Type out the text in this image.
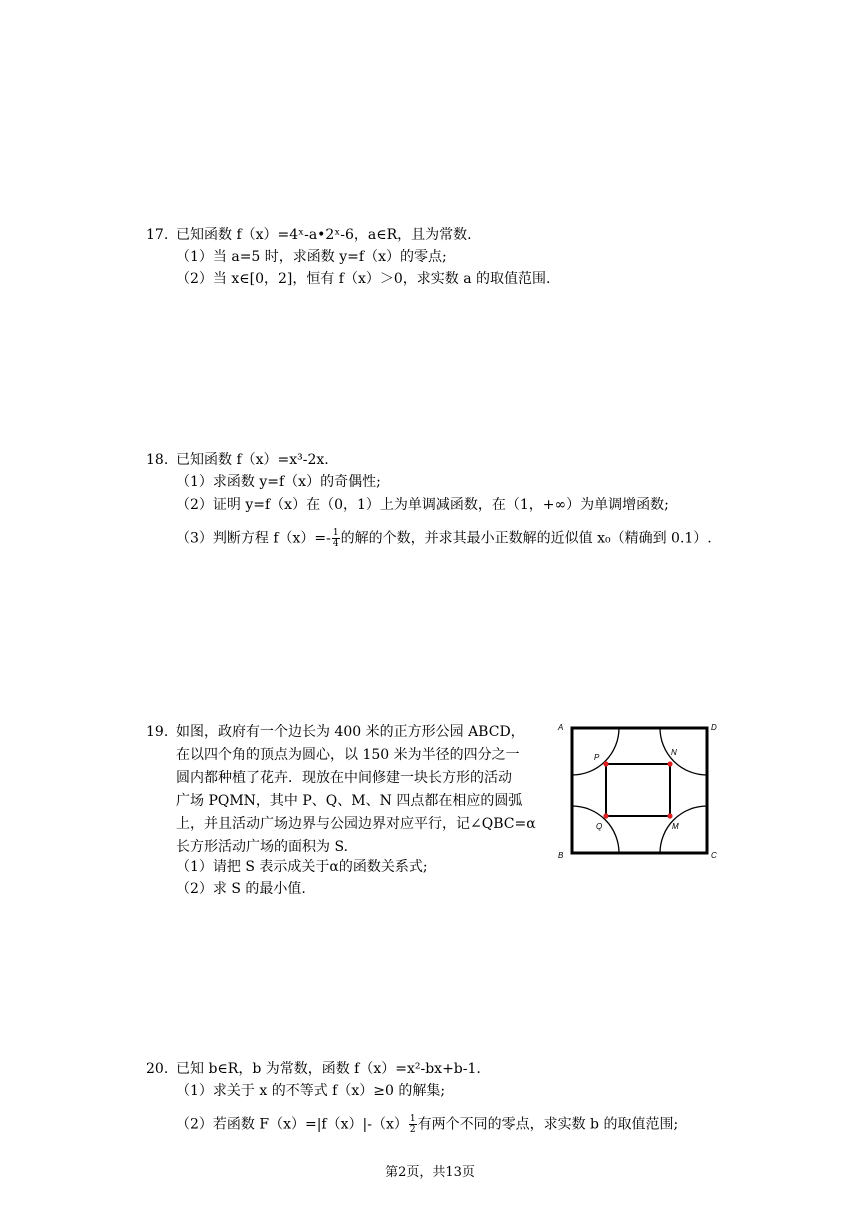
17. 已知函数 f（x）=4ˣ-a•2ˣ-6，a∈R，且为常数.
（1）当 a=5 时，求函数 y=f（x）的零点;
（2）当 x∈[0，2]，恒有 f（x）＞0，求实数 a 的取值范围.
18. 已知函数 f（x）=x³-2x.
（1）求函数 y=f（x）的奇偶性;
（2）证明 y=f（x）在（0，1）上为单调减函数，在（1，+∞）为单调增函数;
（3）判断方程 $f(x)=- \frac{1}{4}$ 的解的个数，并求其最小正数解的近似值 x₀（精确到 0.1）.
19. 如图，政府有一个边长为 400 米的正方形公园 ABCD，
在以四个角的顶点为圆心，以 150 米为半径的四分之一
圆内都种植了花卉．现放在中间修建一块长方形的活动
广场 PQMN，其中 P、Q、M、N 四点都在相应的圆弧
上，并且活动广场边界与公园边界对应平行，记∠QBC=α
长方形活动广场的面积为 S.
（1）请把 S 表示成关于α的函数关系式;
（2）求 S 的最小值.
A	D
B	C
P
N
Q	M
20. 已知 b∈R，b 为常数，函数 f（x）=x²-bx+b-1.
（1）求关于 x 的不等式 f（x）≥0 的解集;
（2）若函数 $F(x)=|f(x)|-(x) \frac{1}{2}$ 有两个不同的零点，求实数 b 的取值范围;
第2页，共13页
